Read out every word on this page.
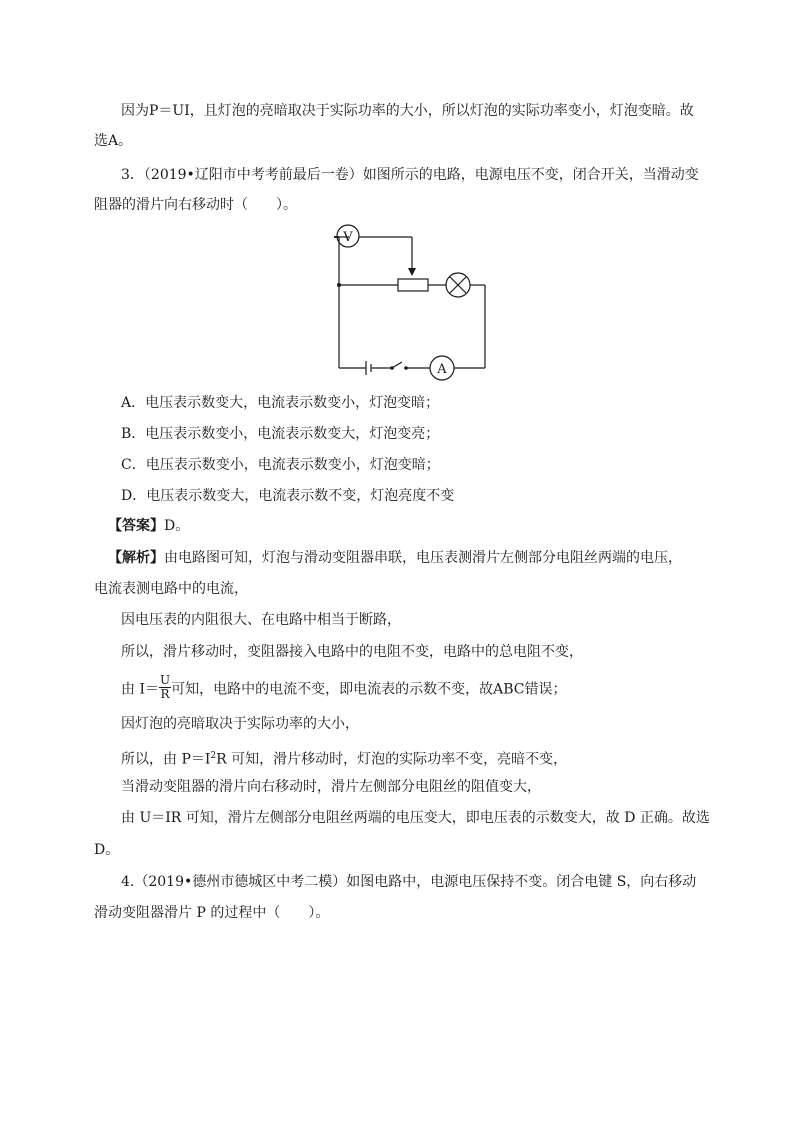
因为P＝UI，且灯泡的亮暗取决于实际功率的大小，所以灯泡的实际功率变小，灯泡变暗。故
选A。
3．（2019•辽阳市中考考前最后一卷）如图所示的电路，电源电压不变，闭合开关，当滑动变
阻器的滑片向右移动时（　　）。
V
A
A．电压表示数变大，电流表示数变小，灯泡变暗；
B．电压表示数变小，电流表示数变大，灯泡变亮；
C．电压表示数变小，电流表示数变小，灯泡变暗；
D．电压表示数变大，电流表示数不变，灯泡亮度不变
【答案】D。
【解析】由电路图可知，灯泡与滑动变阻器串联，电压表测滑片左侧部分电阻丝两端的电压，
电流表测电路中的电流，
因电压表的内阻很大、在电路中相当于断路，
所以，滑片移动时，变阻器接入电路中的电阻不变，电路中的总电阻不变，
由 $I= \frac{U}{R}$ 可知，电路中的电流不变，即电流表的示数不变，故ABC错误；
因灯泡的亮暗取决于实际功率的大小，
所以，由 $P=I^2R$ 可知，滑片移动时，灯泡的实际功率不变，亮暗不变，
当滑动变阻器的滑片向右移动时，滑片左侧部分电阻丝的阻值变大，
由 U＝IR 可知，滑片左侧部分电阻丝两端的电压变大，即电压表的示数变大，故 D 正确。故选
D。
4.（2019•德州市德城区中考二模）如图电路中，电源电压保持不变。闭合电键 S，向右移动
滑动变阻器滑片 P 的过程中（　　）。
